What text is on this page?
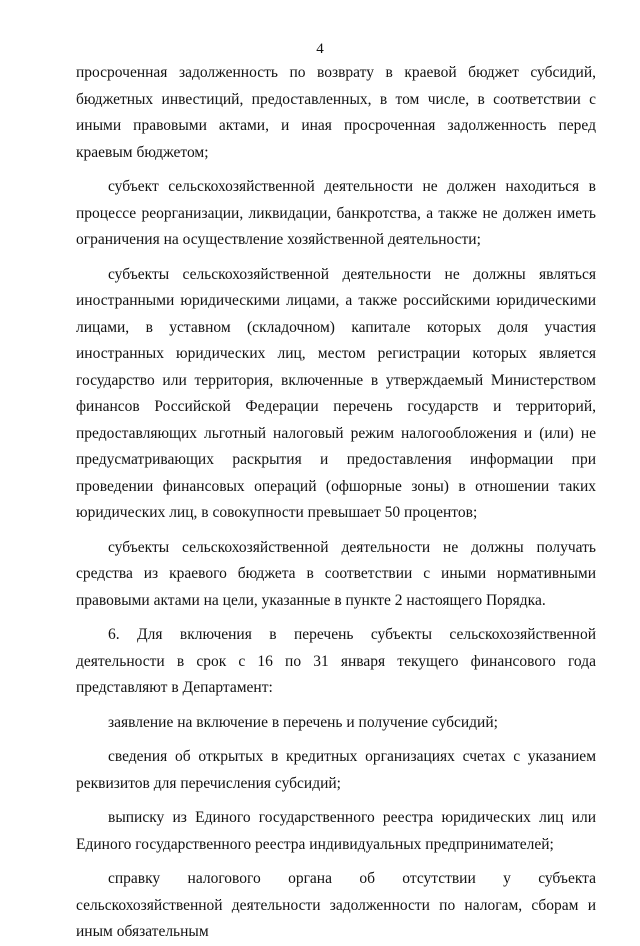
4

просроченная задолженность по возврату в краевой бюджет субсидий, бюджетных инвестиций, предоставленных, в том числе, в соответствии с иными правовыми актами, и иная просроченная задолженность перед краевым бюджетом;

субъект сельскохозяйственной деятельности не должен находиться в процессе реорганизации, ликвидации, банкротства, а также не должен иметь ограничения на осуществление хозяйственной деятельности;

субъекты сельскохозяйственной деятельности не должны являться иностранными юридическими лицами, а также российскими юридическими лицами, в уставном (складочном) капитале которых доля участия иностранных юридических лиц, местом регистрации которых является государство или территория, включенные в утверждаемый Министерством финансов Российской Федерации перечень государств и территорий, предоставляющих льготный налоговый режим налогообложения и (или) не предусматривающих раскрытия и предоставления информации при проведении финансовых операций (офшорные зоны) в отношении таких юридических лиц, в совокупности превышает 50 процентов;

субъекты сельскохозяйственной деятельности не должны получать средства из краевого бюджета в соответствии с иными нормативными правовыми актами на цели, указанные в пункте 2 настоящего Порядка.

6. Для включения в перечень субъекты сельскохозяйственной деятельности в срок с 16 по 31 января текущего финансового года представляют в Департамент:

заявление на включение в перечень и получение субсидий;

сведения об открытых в кредитных организациях счетах с указанием реквизитов для перечисления субсидий;

выписку из Единого государственного реестра юридических лиц или Единого государственного реестра индивидуальных предпринимателей;

справку налогового органа об отсутствии у субъекта сельскохозяйственной деятельности задолженности по налогам, сборам и иным обязательным
